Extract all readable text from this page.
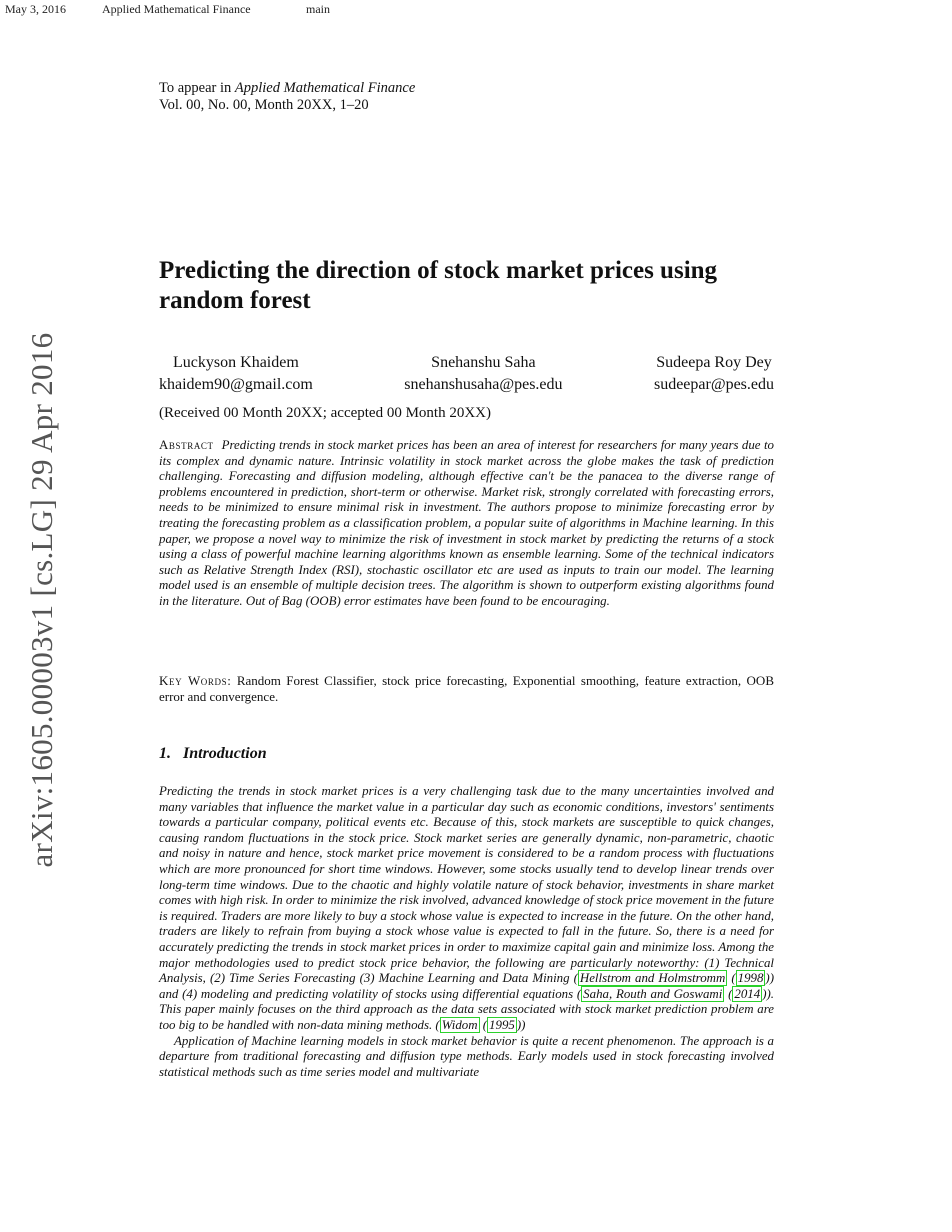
May 3, 2016	Applied Mathematical Finance	main
arXiv:1605.00003v1 [cs.LG] 29 Apr 2016
To appear in Applied Mathematical Finance
Vol. 00, No. 00, Month 20XX, 1–20
Predicting the direction of stock market prices using random forest
Luckyson Khaidem
khaidem90@gmail.com
Snehanshu Saha
snehanshusaha@pes.edu
Sudeepa Roy Dey
sudeepar@pes.edu
(Received 00 Month 20XX; accepted 00 Month 20XX)

Abstract Predicting trends in stock market prices has been an area of interest for researchers for many years due to its complex and dynamic nature. Intrinsic volatility in stock market across the globe makes the task of prediction challenging. Forecasting and diffusion modeling, although effective can't be the panacea to the diverse range of problems encountered in prediction, short-term or otherwise. Market risk, strongly correlated with forecasting errors, needs to be minimized to ensure minimal risk in investment. The authors propose to minimize forecasting error by treating the forecasting problem as a classification problem, a popular suite of algorithms in Machine learning. In this paper, we propose a novel way to minimize the risk of investment in stock market by predicting the returns of a stock using a class of powerful machine learning algorithms known as ensemble learning. Some of the technical indicators such as Relative Strength Index (RSI), stochastic oscillator etc are used as inputs to train our model. The learning model used is an ensemble of multiple decision trees. The algorithm is shown to outperform existing algorithms found in the literature. Out of Bag (OOB) error estimates have been found to be encouraging.

Key Words: Random Forest Classifier, stock price forecasting, Exponential smoothing, feature extraction, OOB error and convergence.

1. Introduction

Predicting the trends in stock market prices is a very challenging task due to the many uncertainties involved and many variables that influence the market value in a particular day such as economic conditions, investors' sentiments towards a particular company, political events etc. Because of this, stock markets are susceptible to quick changes, causing random fluctuations in the stock price. Stock market series are generally dynamic, non-parametric, chaotic and noisy in nature and hence, stock market price movement is considered to be a random process with fluctuations which are more pronounced for short time windows. However, some stocks usually tend to develop linear trends over long-term time windows. Due to the chaotic and highly volatile nature of stock behavior, investments in share market comes with high risk. In order to minimize the risk involved, advanced knowledge of stock price movement in the future is required. Traders are more likely to buy a stock whose value is expected to increase in the future. On the other hand, traders are likely to refrain from buying a stock whose value is expected to fall in the future. So, there is a need for accurately predicting the trends in stock market prices in order to maximize capital gain and minimize loss. Among the major methodologies used to predict stock price behavior, the following are particularly noteworthy: (1) Technical Analysis, (2) Time Series Forecasting (3) Machine Learning and Data Mining ( Hellstrom and Holmstromm ( 1998 )) and (4) modeling and predicting volatility of stocks using differential equations ( Saha, Routh and Goswami ( 2014 )). This paper mainly focuses on the third approach as the data sets associated with stock market prediction problem are too big to be handled with non-data mining methods. ( Widom ( 1995 ))

Application of Machine learning models in stock market behavior is quite a recent phenomenon. The approach is a departure from traditional forecasting and diffusion type methods. Early models used in stock forecasting involved statistical methods such as time series model and multivariate
